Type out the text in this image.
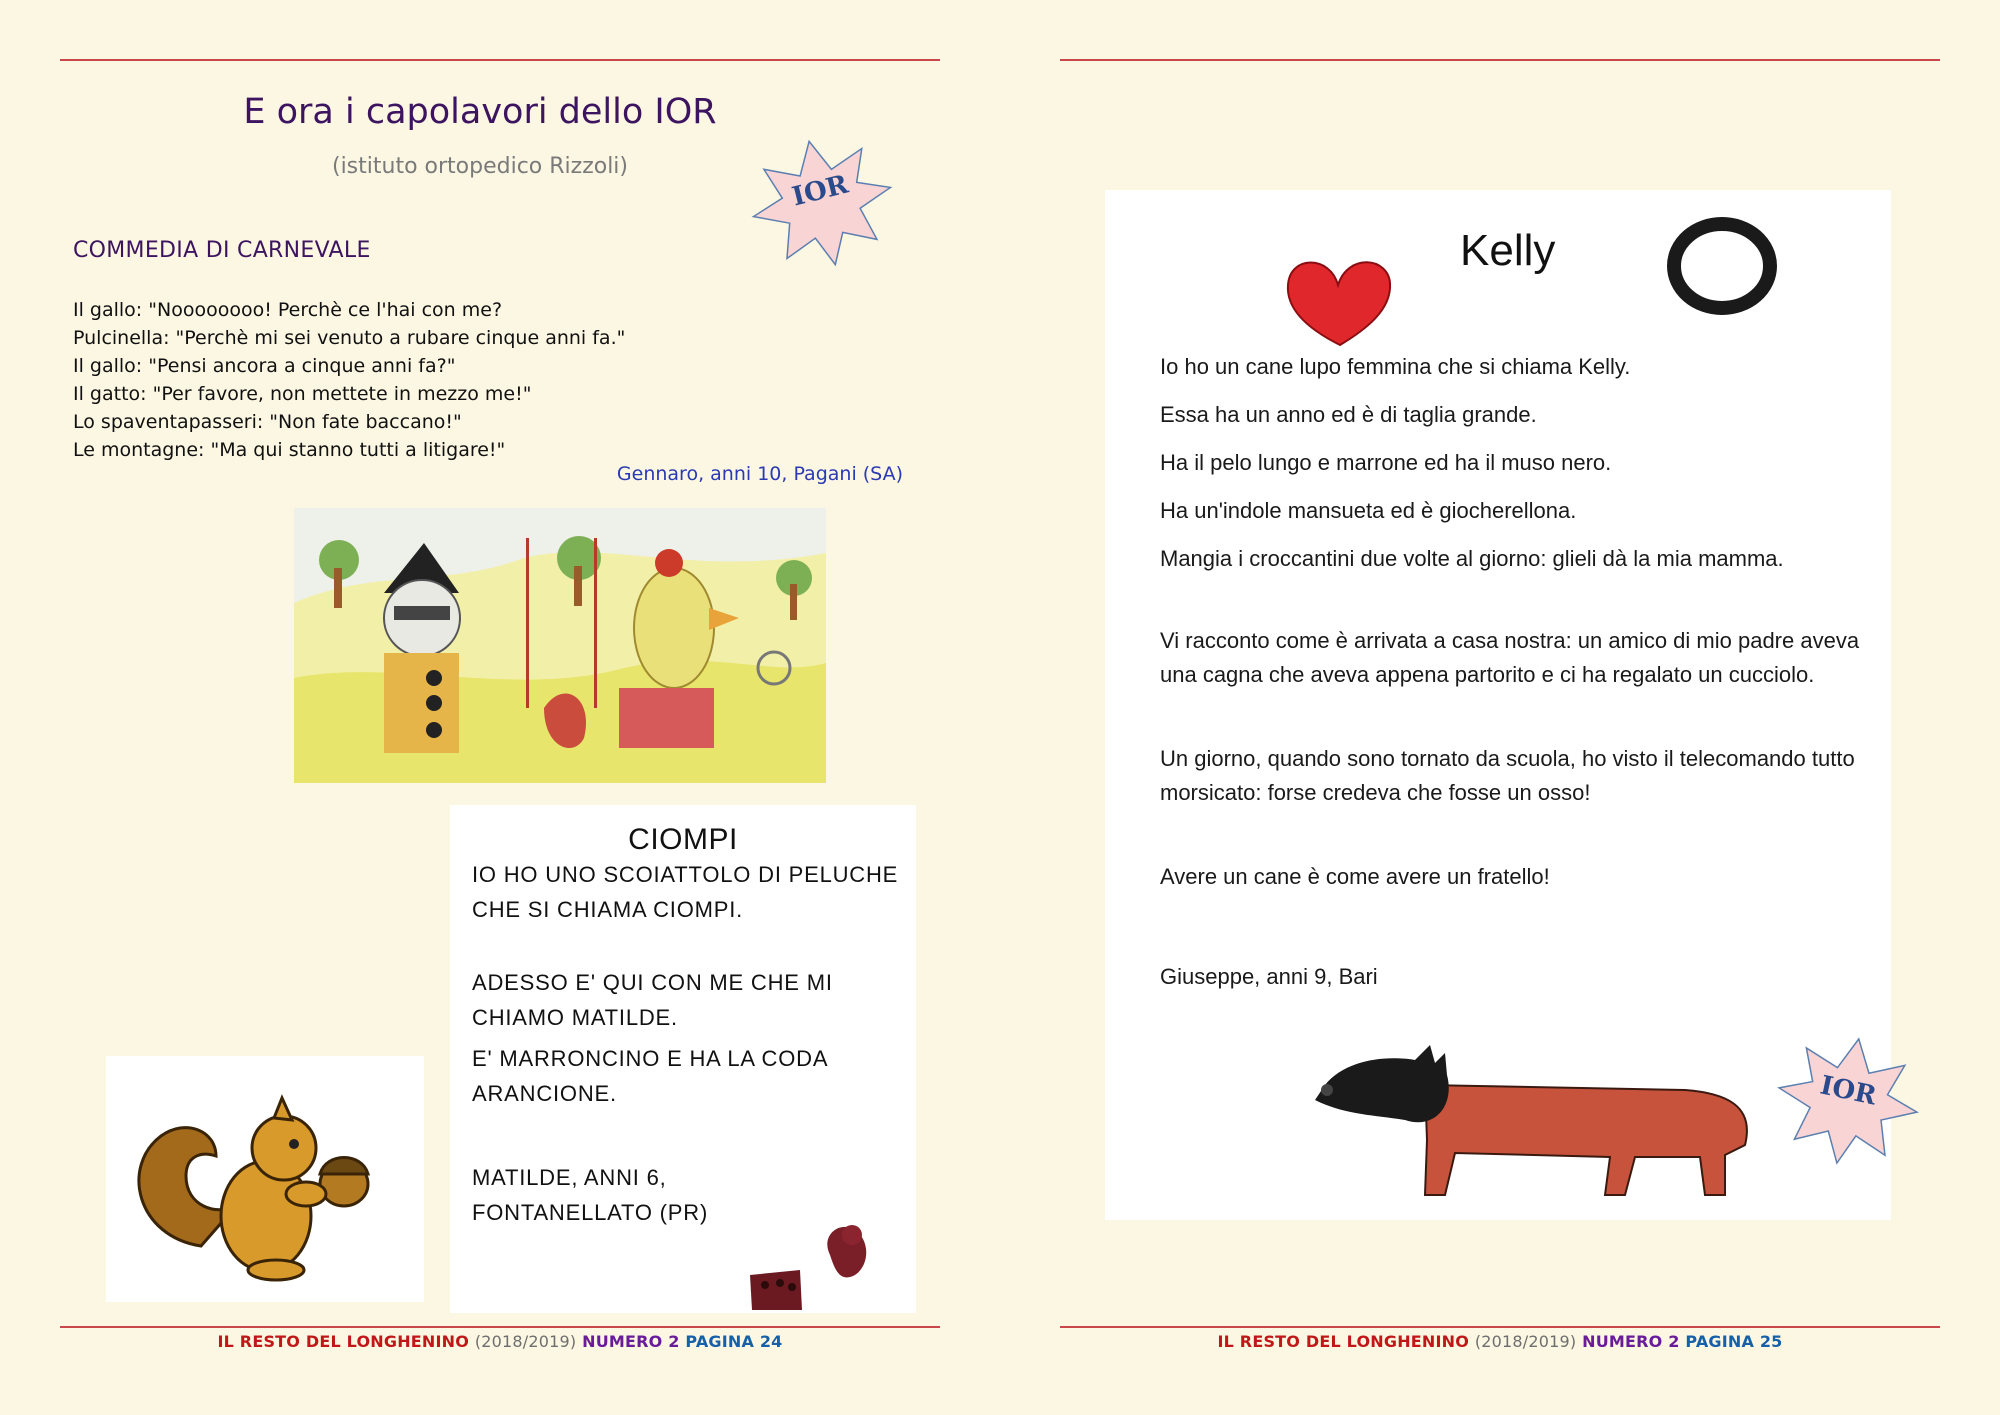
E ora i capolavori dello IOR
(istituto ortopedico Rizzoli)
IOR
COMMEDIA DI CARNEVALE
Il gallo: "Noooooooo! Perchè ce l'hai con me?
Pulcinella: "Perchè mi sei venuto a rubare cinque anni fa."
Il gallo: "Pensi ancora a cinque anni fa?"
Il gatto: "Per favore, non mettete in mezzo me!"
Lo spaventapasseri: "Non fate baccano!"
Le montagne: "Ma qui stanno tutti a litigare!"
Gennaro, anni 10, Pagani (SA)
CIOMPI
IO HO UNO SCOIATTOLO DI PELUCHE CHE SI CHIAMA CIOMPI.
ADESSO E' QUI CON ME CHE MI CHIAMO MATILDE.
E' MARRONCINO E HA LA CODA ARANCIONE.
MATILDE, ANNI 6,
FONTANELLATO (PR)
IL RESTO DEL LONGHENINO (2018/2019) NUMERO 2 PAGINA 24
Kelly
Io ho un cane lupo femmina che si chiama Kelly.
Essa ha un anno ed è di taglia grande.
Ha il pelo lungo e marrone ed ha il muso nero.
Ha un'indole mansueta ed è giocherellona.
Mangia i croccantini due volte al giorno: glieli dà la mia mamma.
Vi racconto come è arrivata a casa nostra: un amico di mio padre aveva una cagna che aveva appena partorito e ci ha regalato un cucciolo.
Un giorno, quando sono tornato da scuola, ho visto il telecomando tutto morsicato: forse credeva che fosse un osso!
Avere un cane è come avere un fratello!
Giuseppe, anni 9, Bari
IOR
IL RESTO DEL LONGHENINO (2018/2019) NUMERO 2 PAGINA 25
